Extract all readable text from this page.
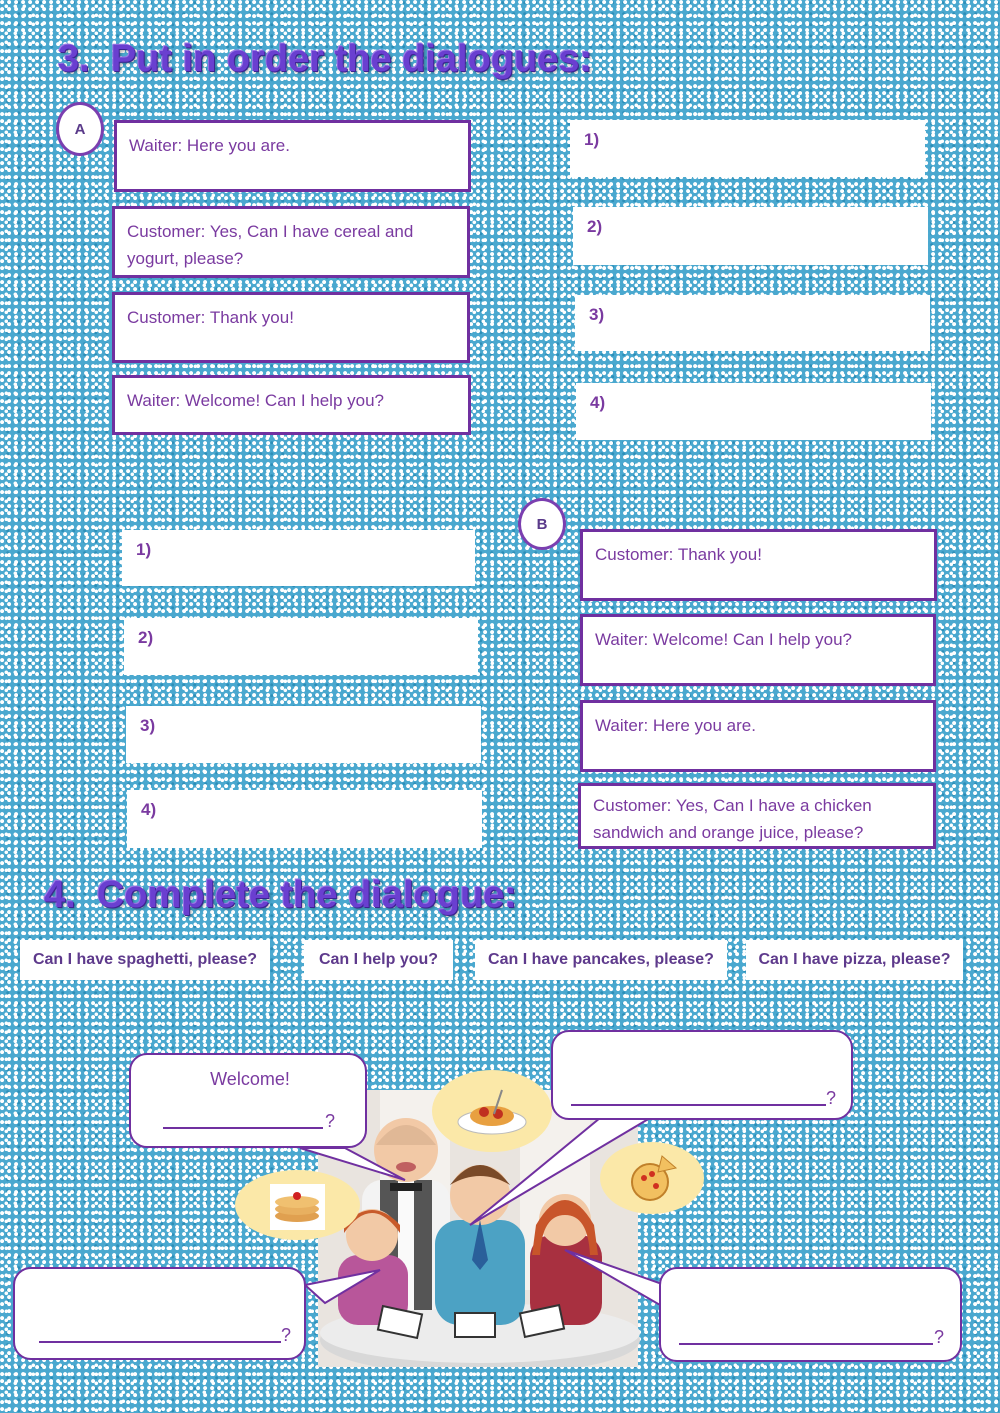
3.  Put in order the dialogues:
A
Waiter: Here you are.
Customer: Yes, Can I have cereal and yogurt, please?
Customer: Thank you!
Waiter: Welcome! Can I help you?
1)
2)
3)
4)
B
1)
2)
3)
4)
Customer: Thank you!
Waiter: Welcome! Can I help you?
Waiter: Here you are.
Customer: Yes, Can I have a chicken sandwich and orange juice, please?
4.  Complete the dialogue:
Can I have spaghetti, please?	Can I help you?	Can I have pancakes, please?	Can I have pizza, please?
Welcome!
?
?
?	?
